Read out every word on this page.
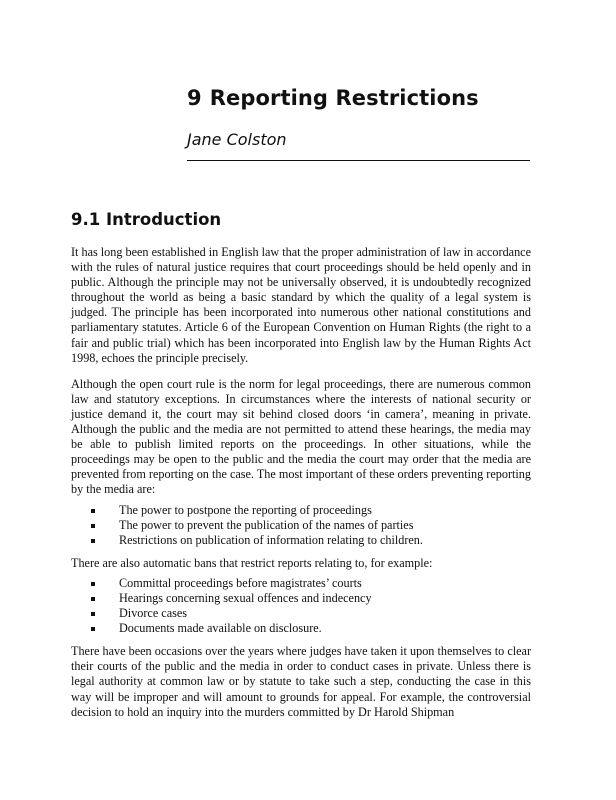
9 Reporting Restrictions
Jane Colston
9.1 Introduction

It has long been established in English law that the proper administration of law in accordance with the rules of natural justice requires that court proceedings should be held openly and in public. Although the principle may not be universally observed, it is undoubtedly recognized throughout the world as being a basic standard by which the quality of a legal system is judged. The principle has been incorporated into numerous other national constitutions and parliamentary statutes. Article 6 of the European Convention on Human Rights (the right to a fair and public trial) which has been incorporated into English law by the Human Rights Act 1998, echoes the principle precisely.

Although the open court rule is the norm for legal proceedings, there are numerous common law and statutory exceptions. In circumstances where the interests of national security or justice demand it, the court may sit behind closed doors ‘in camera’, meaning in private. Although the public and the media are not permitted to attend these hearings, the media may be able to publish limited reports on the proceedings. In other situations, while the proceedings may be open to the public and the media the court may order that the media are prevented from reporting on the case. The most important of these orders preventing reporting by the media are:

The power to postpone the reporting of proceedings
The power to prevent the publication of the names of parties
Restrictions on publication of information relating to children.

There are also automatic bans that restrict reports relating to, for example:

Committal proceedings before magistrates’ courts
Hearings concerning sexual offences and indecency
Divorce cases
Documents made available on disclosure.

There have been occasions over the years where judges have taken it upon themselves to clear their courts of the public and the media in order to conduct cases in private. Unless there is legal authority at common law or by statute to take such a step, conducting the case in this way will be improper and will amount to grounds for appeal. For example, the controversial decision to hold an inquiry into the murders committed by Dr Harold Shipman
